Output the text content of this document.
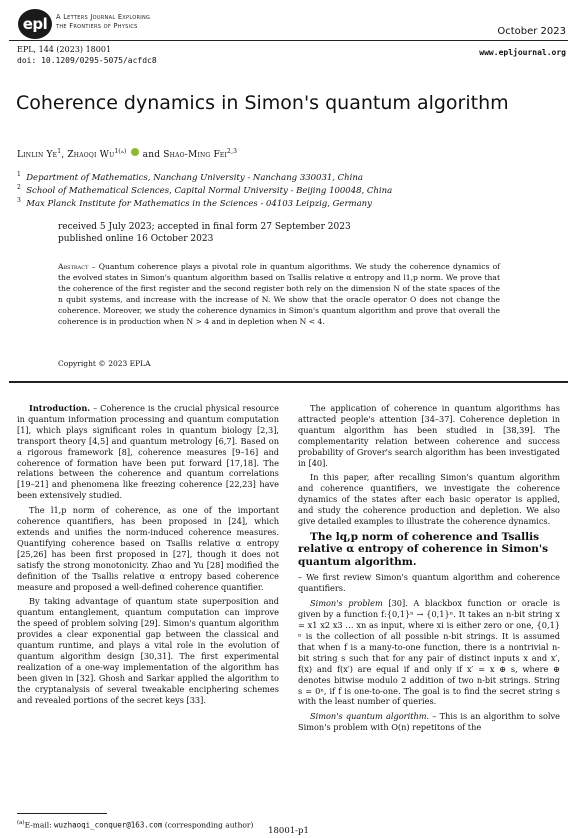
epl A Letters Journal Exploring
the Frontiers of Physics	October 2023
EPL, 144 (2023) 18001
doi: 10.1209/0295-5075/acfdc8
www.epljournal.org
Coherence dynamics in Simon's quantum algorithm
Linlin Ye$^1$, Zhaoqi $Wu^{1(a)}$ and Shao-Ming Fei$^{2,3}$
$^1$ Department of Mathematics, Nanchang University - Nanchang 330031, China
$^2$ School of Mathematical Sciences, Capital Normal University - Beijing 100048, China
$^3$ Max Planck Institute for Mathematics in the Sciences - 04103 Leipzig, Germany
received 5 July 2023; accepted in final form 27 September 2023
published online 16 October 2023
Abstract – Quantum coherence plays a pivotal role in quantum algorithms. We study the coherence dynamics of the evolved states in Simon's quantum algorithm based on Tsallis relative α entropy and l1,p norm. We prove that the coherence of the first register and the second register both rely on the dimension N of the state spaces of the n qubit systems, and increase with the increase of N. We show that the oracle operator O does not change the coherence. Moreover, we study the coherence dynamics in Simon's quantum algorithm and prove that overall the coherence is in production when N > 4 and in depletion when N < 4.
Copyright © 2023 EPLA

Introduction. – Coherence is the crucial physical resource in quantum information processing and quantum computation [1], which plays significant roles in quantum biology [2,3], transport theory [4,5] and quantum metrology [6,7]. Based on a rigorous framework [8], coherence measures [9–16] and coherence of formation have been put forward [17,18]. The relations between the coherence and quantum correlations [19–21] and phenomena like freezing coherence [22,23] have been extensively studied.

The l1,p norm of coherence, as one of the important coherence quantifiers, has been proposed in [24], which extends and unifies the norm-induced coherence measures. Quantifying coherence based on Tsallis relative α entropy [25,26] has been first proposed in [27], though it does not satisfy the strong monotonicity. Zhao and Yu [28] modified the definition of the Tsallis relative α entropy based coherence measure and proposed a well-defined coherence quantifier.

By taking advantage of quantum state superposition and quantum entanglement, quantum computation can improve the speed of problem solving [29]. Simon's quantum algorithm provides a clear exponential gap between the classical and quantum runtime, and plays a vital role in the evolution of quantum algorithm design [30,31]. The first experimental realization of a one-way implementation of the algorithm has been given in [32]. Ghosh and Sarkar applied the algorithm to the cryptanalysis of several tweakable enciphering schemes and revealed portions of the secret keys [33].

The application of coherence in quantum algorithms has attracted people's attention [34–37]. Coherence depletion in quantum algorithm has been studied in [38,39]. The complementarity relation between coherence and success probability of Grover's search algorithm has been investigated in [40].

In this paper, after recalling Simon's quantum algorithm and coherence quantifiers, we investigate the coherence dynamics of the states after each basic operator is applied, and study the coherence production and depletion. We also give detailed examples to illustrate the coherence dynamics.

The lq,p norm of coherence and Tsallis relative α entropy of coherence in Simon's quantum algorithm.

– We first review Simon's quantum algorithm and coherence quantifiers.

Simon's problem [30]. A blackbox function or oracle is given by a function f:{0,1}ⁿ → {0,1}ⁿ. It takes an n-bit string x = x1 x2 x3 … xn as input, where xi is either zero or one, {0,1}ⁿ is the collection of all possible n-bit strings. It is assumed that when f is a many-to-one function, there is a nontrivial n-bit string s such that for any pair of distinct inputs x and x′, f(x) and f(x′) are equal if and only if x′ = x ⊕ s, where ⊕ denotes bitwise modulo 2 addition of two n-bit strings. String s = 0ⁿ, if f is one-to-one. The goal is to find the secret string s with the least number of queries.

Simon's quantum algorithm. – This is an algorithm to solve Simon's problem with O(n) repetitons of the

$^{(a)}$E-mail: wuzhaoqi_conquer@163.com (corresponding author)
18001-p1
